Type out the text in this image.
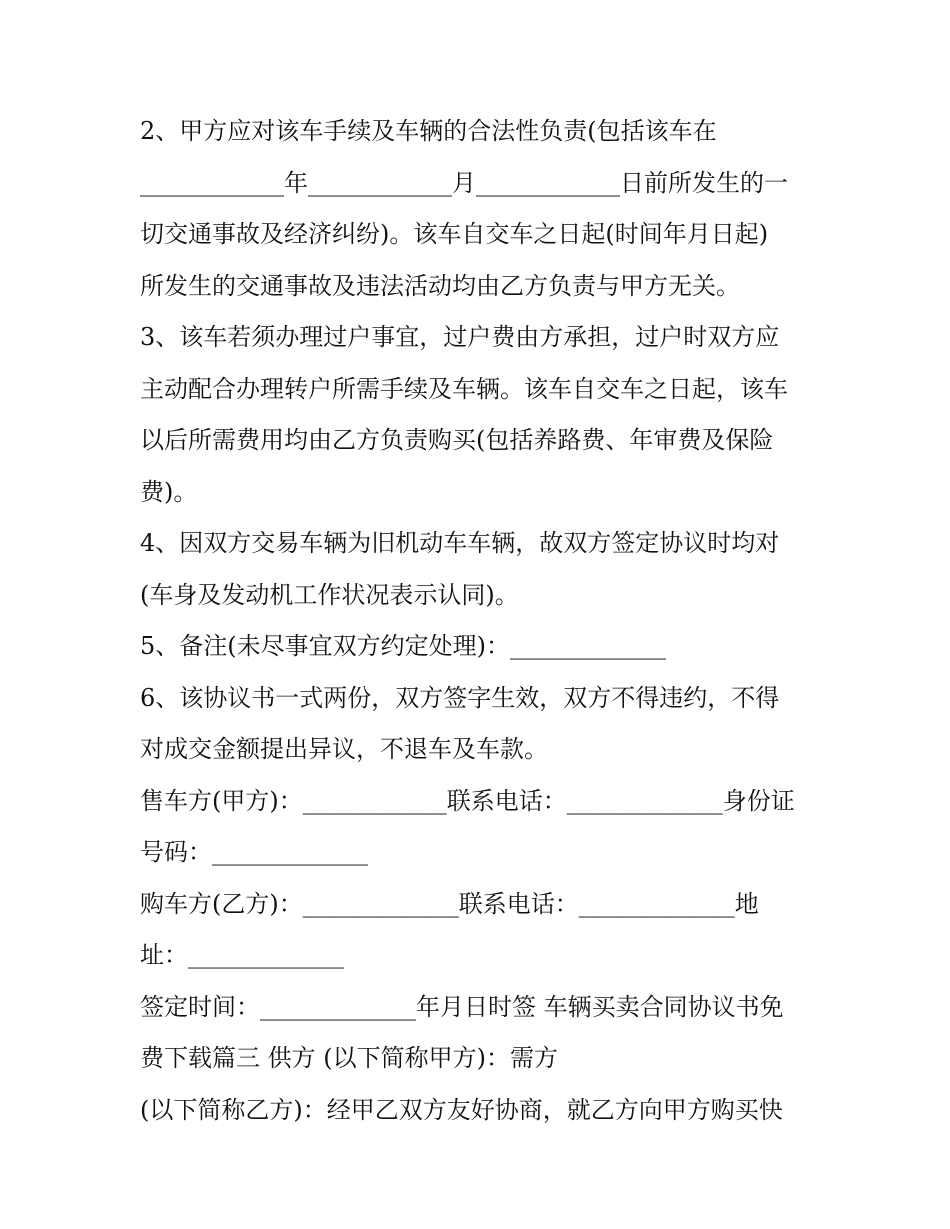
2、甲方应对该车手续及车辆的合法性负责(包括该车在
____________年____________月____________日前所发生的一
切交通事故及经济纠纷)。该车自交车之日起(时间年月日起)
所发生的交通事故及违法活动均由乙方负责与甲方无关。
3、该车若须办理过户事宜，过户费由方承担，过户时双方应
主动配合办理转户所需手续及车辆。该车自交车之日起，该车
以后所需费用均由乙方负责购买(包括养路费、年审费及保险
费)。
4、因双方交易车辆为旧机动车车辆，故双方签定协议时均对
(车身及发动机工作状况表示认同)。
5、备注(未尽事宜双方约定处理)：_____________
6、该协议书一式两份，双方签字生效，双方不得违约，不得
对成交金额提出异议，不退车及车款。
售车方(甲方)：____________联系电话：_____________身份证
号码：_____________
购车方(乙方)：_____________联系电话：_____________地
址：_____________
签定时间：_____________年月日时签 车辆买卖合同协议书免
费下载篇三 供方 (以下简称甲方)：需方
(以下简称乙方)：经甲乙双方友好协商，就乙方向甲方购买快
